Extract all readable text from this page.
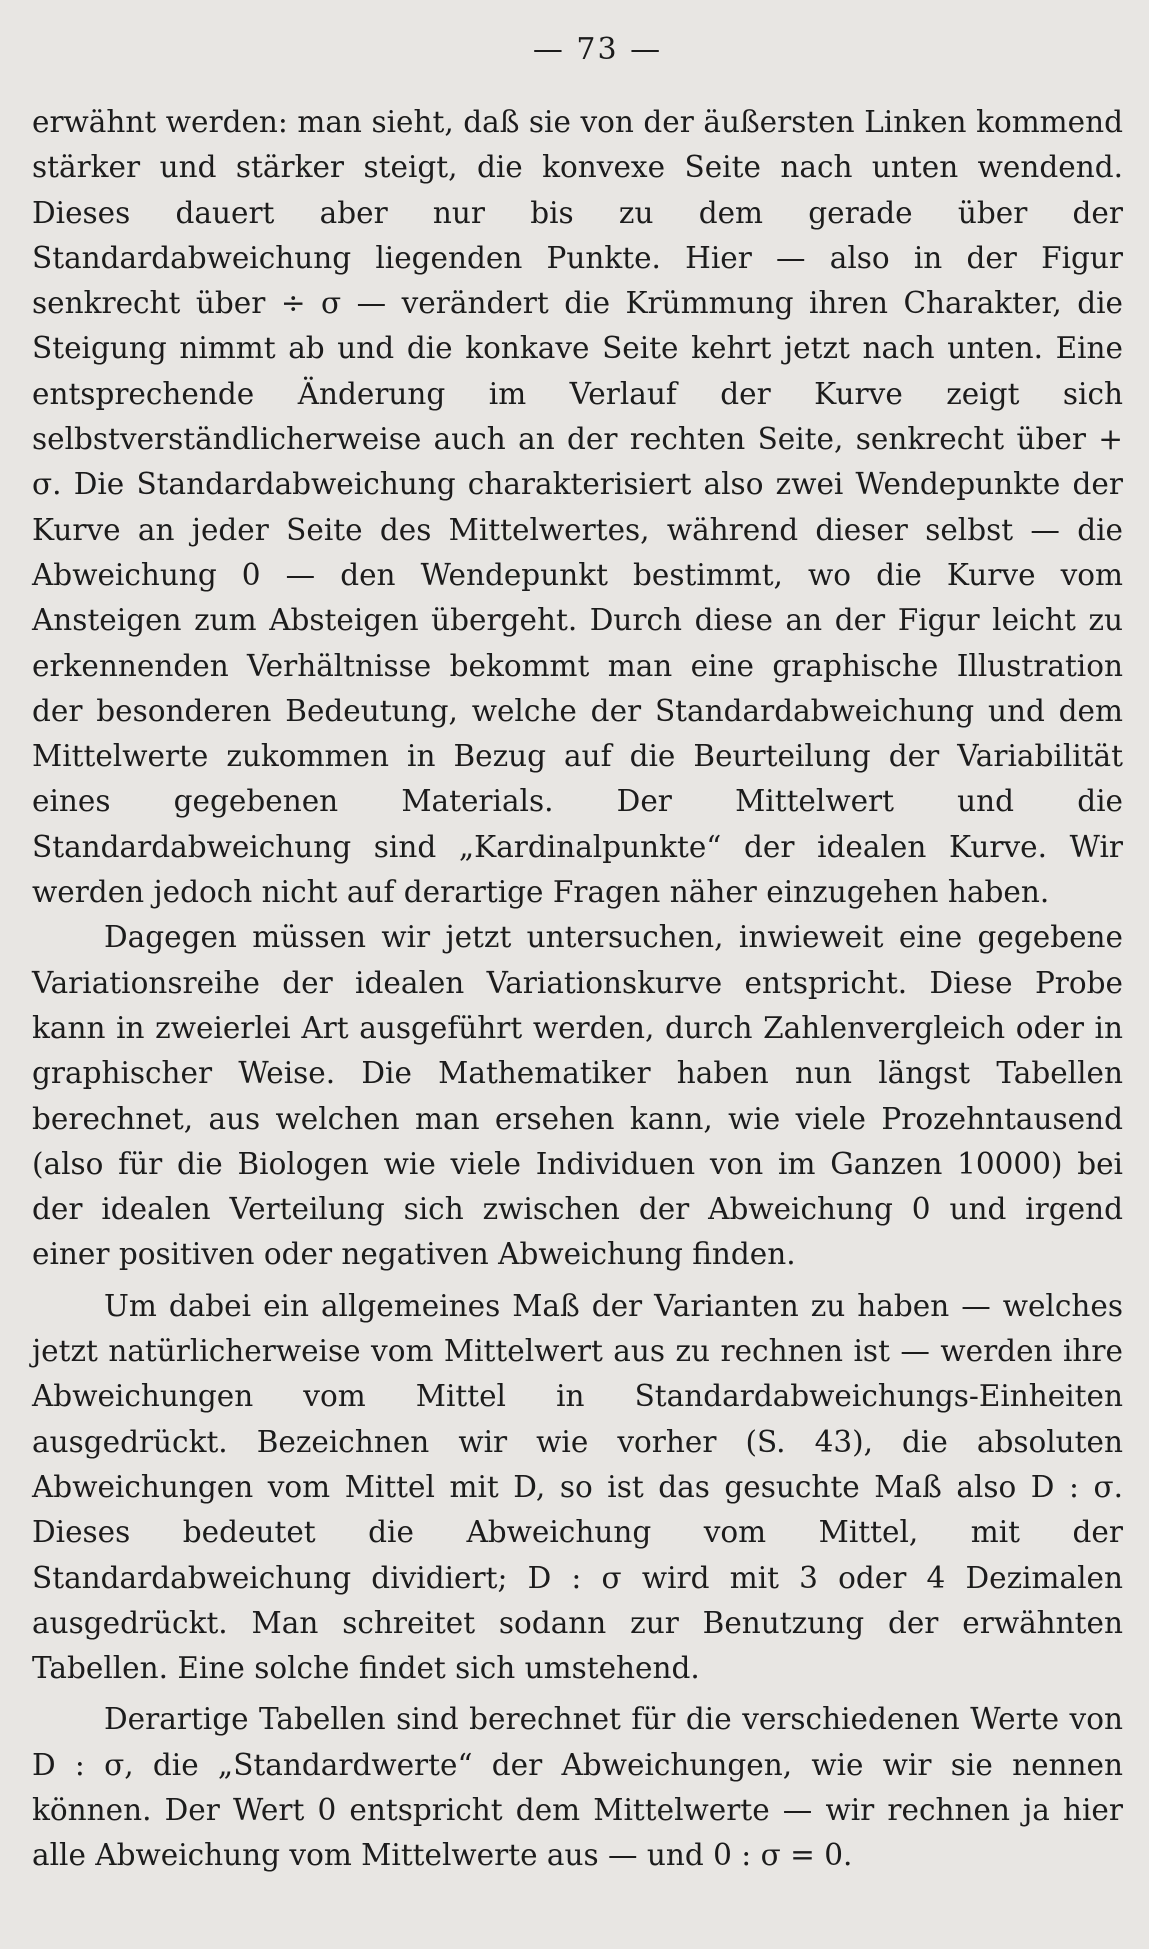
— 73 —

erwähnt werden: man sieht, daß sie von der äußersten Linken kommend stärker und stärker steigt, die konvexe Seite nach unten wendend. Dieses dauert aber nur bis zu dem gerade über der Standardabweichung liegenden Punkte. Hier — also in der Figur senkrecht über ÷ σ — verändert die Krümmung ihren Charakter, die Steigung nimmt ab und die konkave Seite kehrt jetzt nach unten. Eine entsprechende Änderung im Verlauf der Kurve zeigt sich selbstverständlicherweise auch an der rechten Seite, senkrecht über + σ. Die Standardabweichung charakterisiert also zwei Wendepunkte der Kurve an jeder Seite des Mittelwertes, während dieser selbst — die Abweichung 0 — den Wendepunkt bestimmt, wo die Kurve vom Ansteigen zum Absteigen übergeht. Durch diese an der Figur leicht zu erkennenden Verhältnisse bekommt man eine graphische Illustration der besonderen Bedeutung, welche der Standardabweichung und dem Mittelwerte zukommen in Bezug auf die Beurteilung der Variabilität eines gegebenen Materials. Der Mittelwert und die Standardabweichung sind „Kardinalpunkte“ der idealen Kurve. Wir werden jedoch nicht auf derartige Fragen näher einzugehen haben.

Dagegen müssen wir jetzt untersuchen, inwieweit eine gegebene Variationsreihe der idealen Variationskurve entspricht. Diese Probe kann in zweierlei Art ausgeführt werden, durch Zahlenvergleich oder in graphischer Weise. Die Mathematiker haben nun längst Tabellen berechnet, aus welchen man ersehen kann, wie viele Prozehntausend (also für die Biologen wie viele Individuen von im Ganzen 10000) bei der idealen Verteilung sich zwischen der Abweichung 0 und irgend einer positiven oder negativen Abweichung finden.

Um dabei ein allgemeines Maß der Varianten zu haben — welches jetzt natürlicherweise vom Mittelwert aus zu rechnen ist — werden ihre Abweichungen vom Mittel in Standardabweichungs-Einheiten ausgedrückt. Bezeichnen wir wie vorher (S. 43), die absoluten Abweichungen vom Mittel mit D, so ist das gesuchte Maß also D : σ. Dieses bedeutet die Abweichung vom Mittel, mit der Standardabweichung dividiert; D : σ wird mit 3 oder 4 Dezimalen ausgedrückt. Man schreitet sodann zur Benutzung der erwähnten Tabellen. Eine solche findet sich umstehend.

Derartige Tabellen sind berechnet für die verschiedenen Werte von D : σ, die „Standardwerte“ der Abweichungen, wie wir sie nennen können. Der Wert 0 entspricht dem Mittelwerte — wir rechnen ja hier alle Abweichung vom Mittelwerte aus — und 0 : σ = 0.
